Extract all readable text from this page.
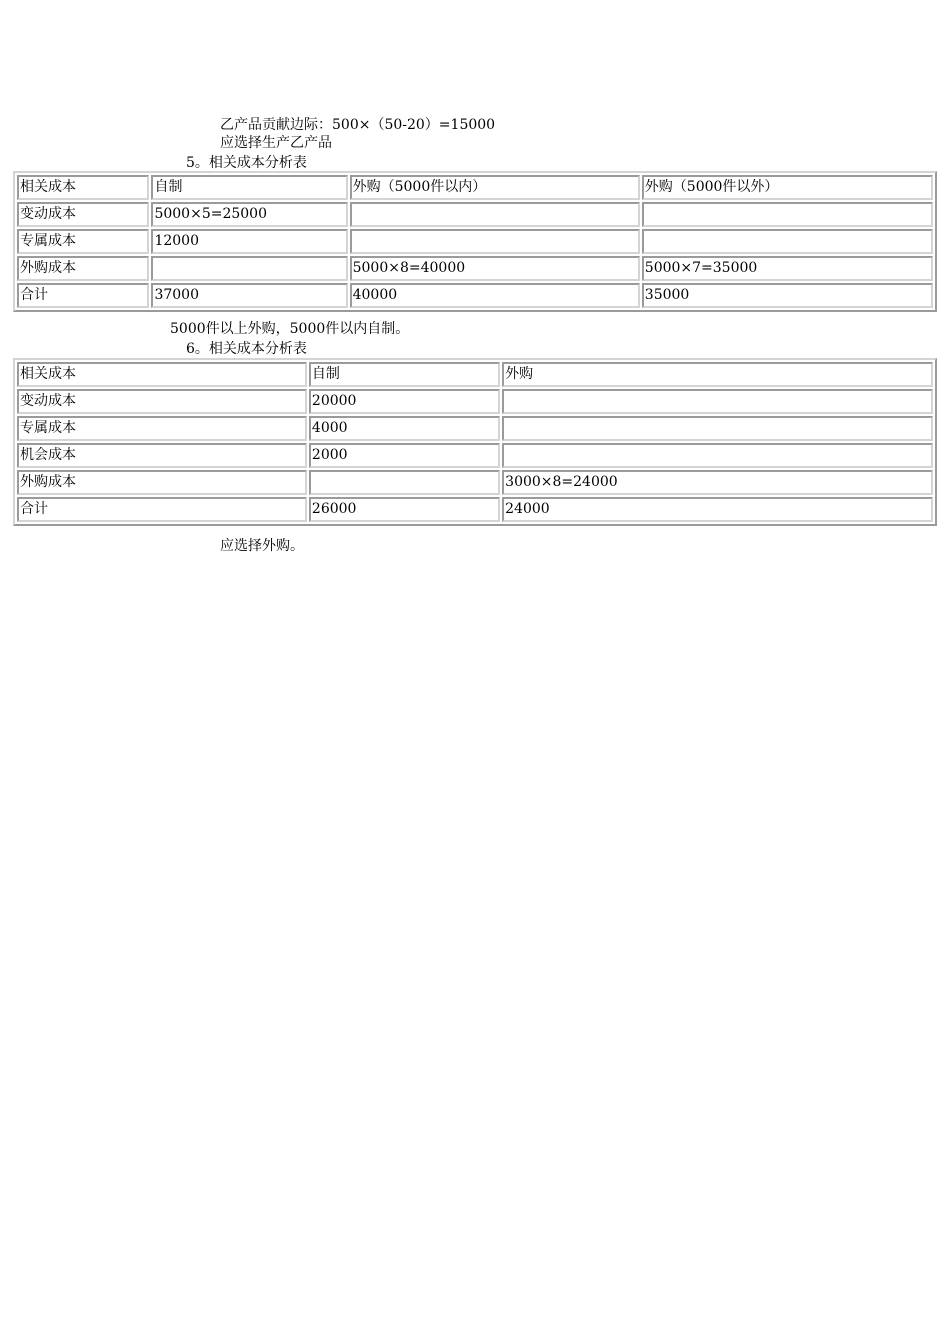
乙产品贡献边际：500×（50-20）=15000
应选择生产乙产品
5。相关成本分析表
相关成本	自制	外购（5000件以内）	外购（5000件以外）
变动成本	5000×5=25000		
专属成本	12000		
外购成本		5000×8=40000	5000×7=35000
合计	37000	40000	35000
5000件以上外购，5000件以内自制。
6。相关成本分析表
相关成本	自制	外购
变动成本	20000	
专属成本	4000	
机会成本	2000	
外购成本		3000×8=24000
合计	26000	24000
应选择外购。
